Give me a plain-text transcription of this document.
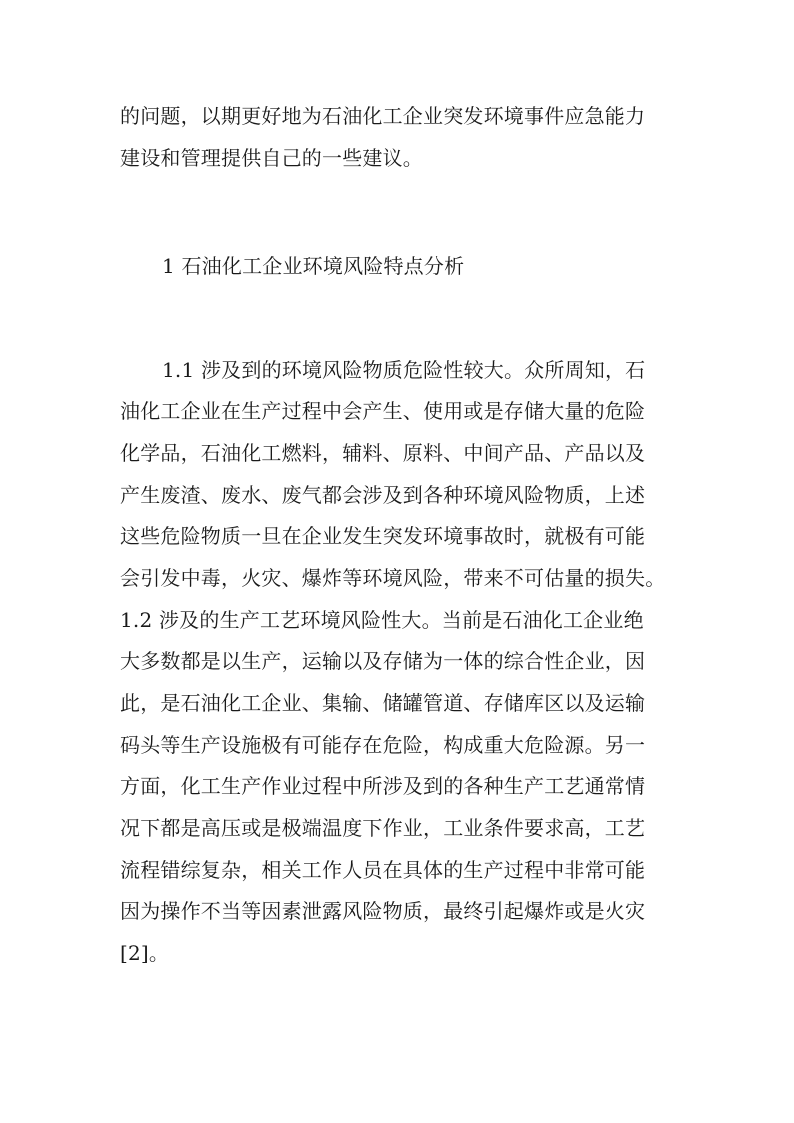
的问题，以期更好地为石油化工企业突发环境事件应急能力
建设和管理提供自己的一些建议。
1 石油化工企业环境风险特点分析
1.1 涉及到的环境风险物质危险性较大。众所周知，石
油化工企业在生产过程中会产生、使用或是存储大量的危险
化学品，石油化工燃料，辅料、原料、中间产品、产品以及
产生废渣、废水、废气都会涉及到各种环境风险物质，上述
这些危险物质一旦在企业发生突发环境事故时，就极有可能
会引发中毒，火灾、爆炸等环境风险，带来不可估量的损失。
1.2 涉及的生产工艺环境风险性大。当前是石油化工企业绝
大多数都是以生产，运输以及存储为一体的综合性企业，因
此，是石油化工企业、集输、储罐管道、存储库区以及运输
码头等生产设施极有可能存在危险，构成重大危险源。另一
方面，化工生产作业过程中所涉及到的各种生产工艺通常情
况下都是高压或是极端温度下作业，工业条件要求高，工艺
流程错综复杂，相关工作人员在具体的生产过程中非常可能
因为操作不当等因素泄露风险物质，最终引起爆炸或是火灾
[2]。
